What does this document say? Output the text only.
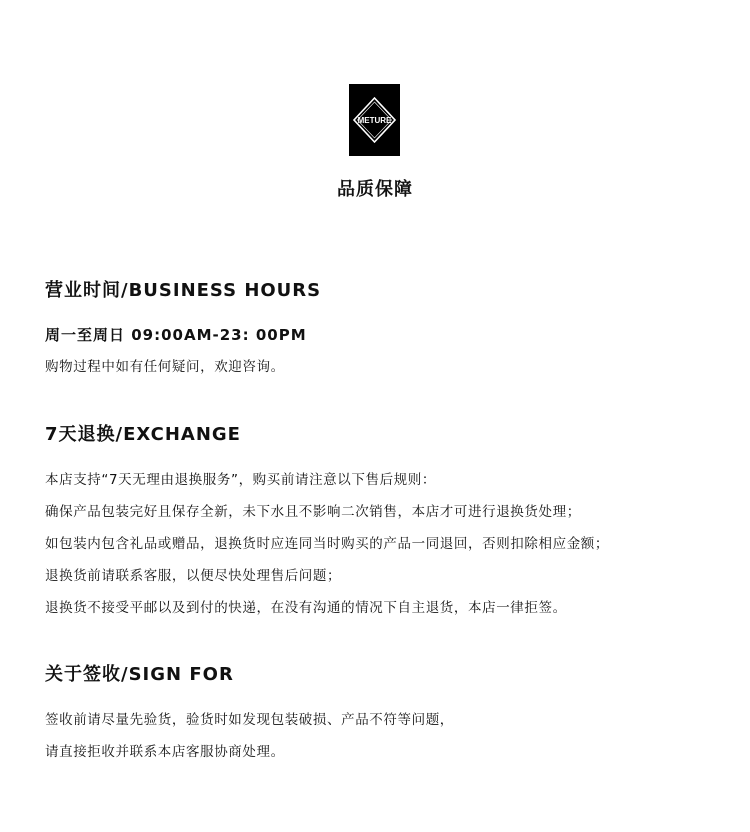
METURE
品质保障
营业时间/BUSINESS HOURS
周一至周日 09:00AM-23: 00PM
购物过程中如有任何疑问，欢迎咨询。
7天退换/EXCHANGE
本店支持“7天无理由退换服务”，购买前请注意以下售后规则：
确保产品包装完好且保存全新，未下水且不影响二次销售，本店才可进行退换货处理；
如包装内包含礼品或赠品，退换货时应连同当时购买的产品一同退回，否则扣除相应金额；
退换货前请联系客服，以便尽快处理售后问题；
退换货不接受平邮以及到付的快递，在没有沟通的情况下自主退货，本店一律拒签。
关于签收/SIGN FOR
签收前请尽量先验货，验货时如发现包装破损、产品不符等问题，
请直接拒收并联系本店客服协商处理。
